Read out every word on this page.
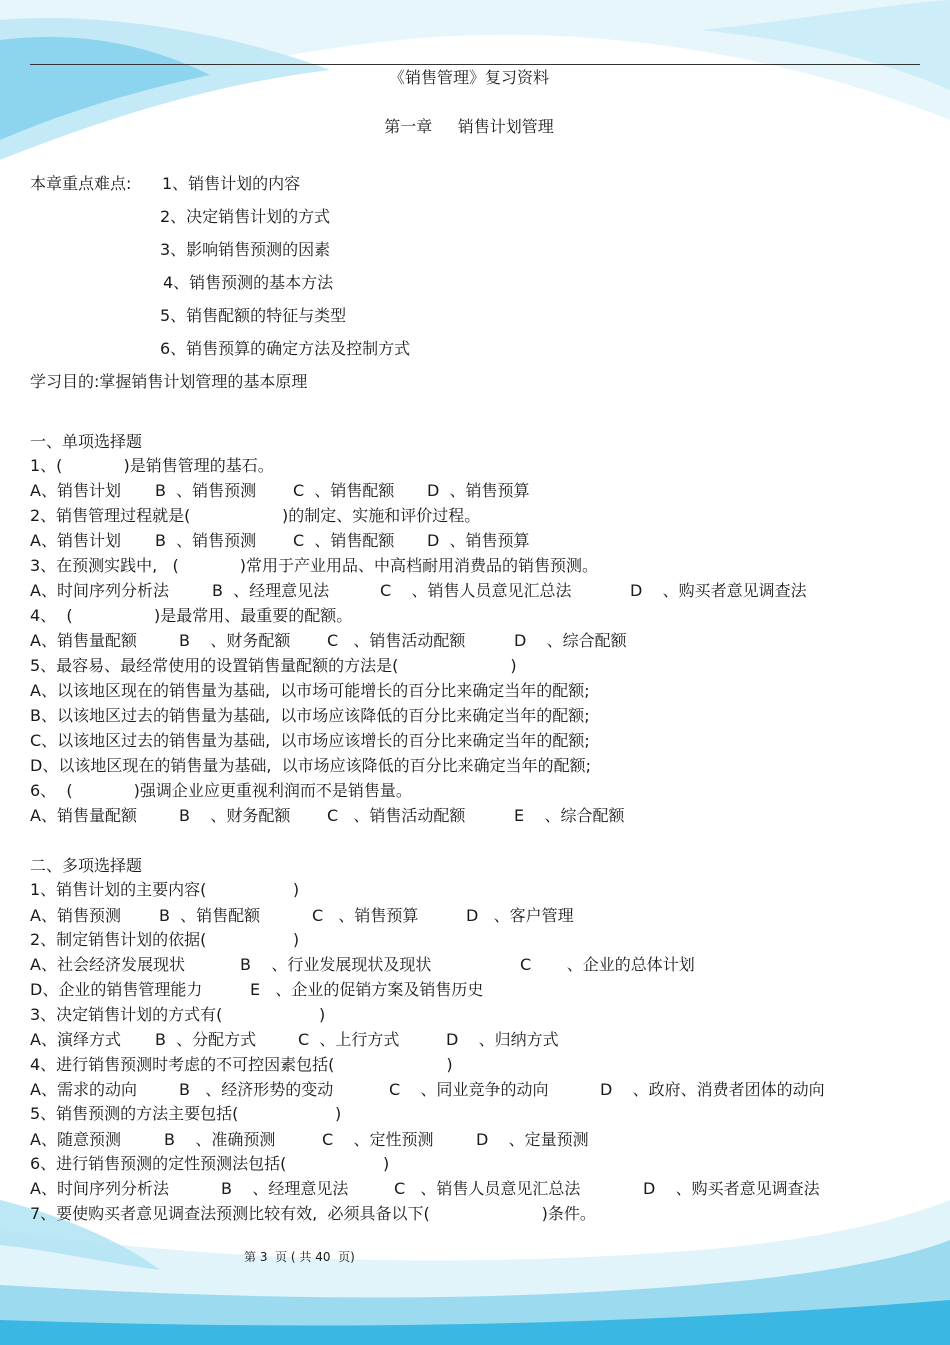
《销售管理》复习资料
第一章     销售计划管理
本章重点难点: 1、销售计划的内容
2、决定销售计划的方式
3、影响销售预测的因素
4、销售预测的基本方法
5、销售配额的特征与类型
6、销售预算的确定方法及控制方式
学习目的:掌握销售计划管理的基本原理
一、单项选择题
1、(            )是销售管理的基石。
A、销售计划 B  、销售预测 C  、销售配额 D  、销售预算
2、销售管理过程就是(                  )的制定、实施和评价过程。
A、销售计划 B  、销售预测 C  、销售配额 D  、销售预算
3、在预测实践中,   (            )常用于产业用品、中高档耐用消费品的销售预测。
A、时间序列分析法	B  、经理意见法	C    、销售人员意见汇总法	D    、购买者意见调查法
4、  (                )是最常用、最重要的配额。
A、销售量配额	B    、财务配额 C   、销售活动配额	D    、综合配额
5、最容易、最经常使用的设置销售量配额的方法是(                      )
A、以该地区现在的销售量为基础,  以市场可能增长的百分比来确定当年的配额;
B、以该地区过去的销售量为基础,  以市场应该降低的百分比来确定当年的配额;
C、以该地区过去的销售量为基础,  以市场应该增长的百分比来确定当年的配额;
D、以该地区现在的销售量为基础,  以市场应该降低的百分比来确定当年的配额;
6、  (            )强调企业应更重视利润而不是销售量。
A、销售量配额	B    、财务配额 C   、销售活动配额	E    、综合配额
二、多项选择题
1、销售计划的主要内容(                 )
A、销售预测 B  、销售配额	C   、销售预算	D   、客户管理
2、制定销售计划的依据(                 )
A、社会经济发展现状	B    、行业发展现状及现状	C       、企业的总体计划
D、企业的销售管理能力	E   、企业的促销方案及销售历史
3、决定销售计划的方式有(                   )
A、演绎方式 B  、分配方式	C  、上行方式	D    、归纳方式
4、进行销售预测时考虑的不可控因素包括(                      )
A、需求的动向	B   、经济形势的变动	C    、同业竞争的动向	D    、政府、消费者团体的动向
5、销售预测的方法主要包括(                   )
A、随意预测	B    、准确预测	C    、定性预测	D    、定量预测
6、进行销售预测的定性预测法包括(                   )
A、时间序列分析法	B    、经理意见法	C   、销售人员意见汇总法	D    、购买者意见调查法
7、要使购买者意见调查法预测比较有效,  必须具备以下(                      )条件。
第 3  页 ( 共 40  页)
